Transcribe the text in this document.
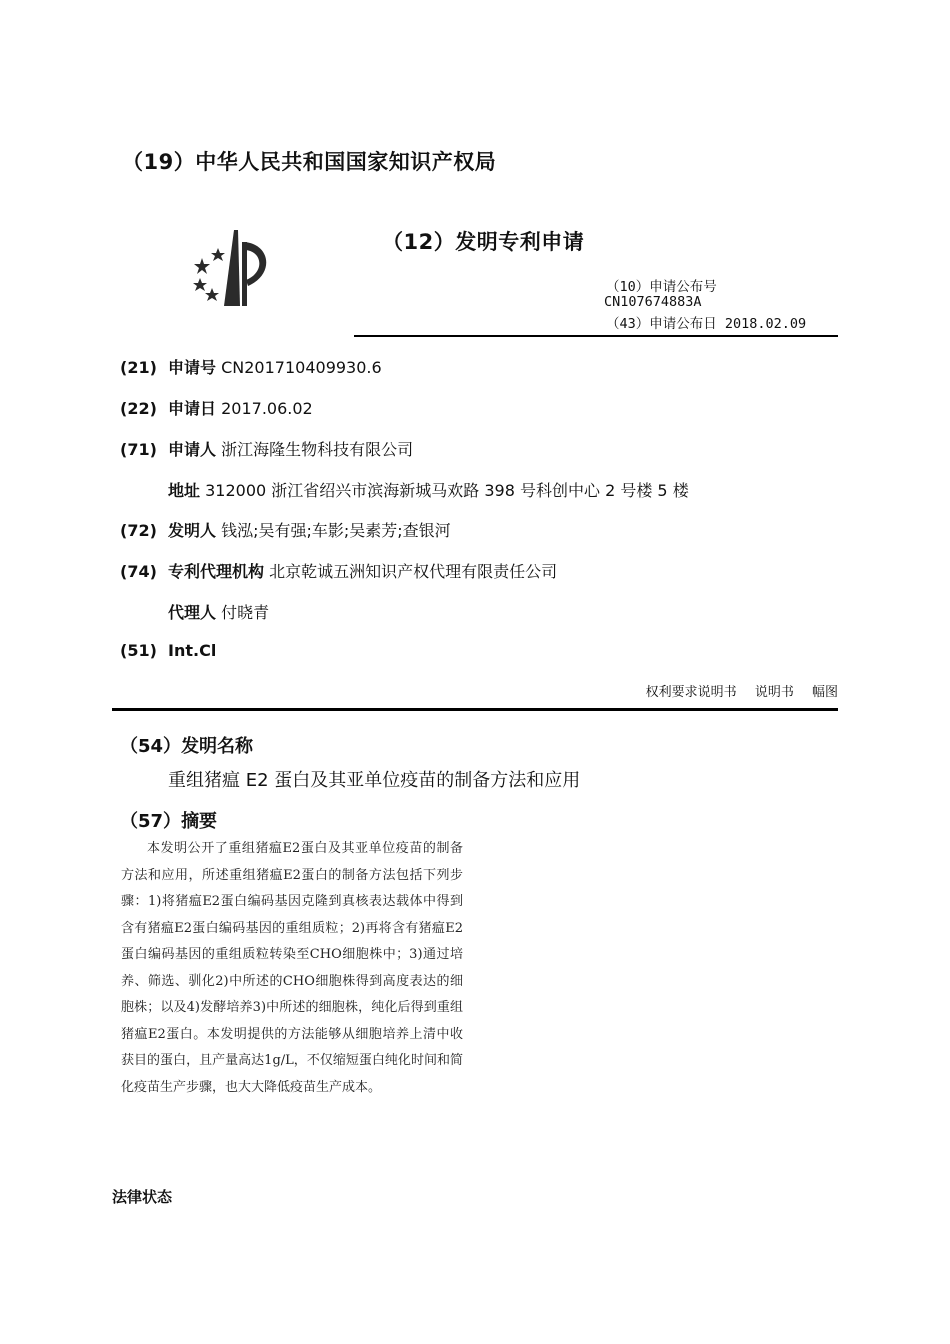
（19）中华人民共和国国家知识产权局
（12）发明专利申请
（10）申请公布号
CN107674883A
（43）申请公布日 2018.02.09
(21) 申请号 CN201710409930.6
(22) 申请日 2017.06.02
(71) 申请人 浙江海隆生物科技有限公司
地址 312000 浙江省绍兴市滨海新城马欢路 398 号科创中心 2 号楼 5 楼
(72) 发明人 钱泓;吴有强;车影;吴素芳;查银河
(74) 专利代理机构 北京乾诚五洲知识产权代理有限责任公司
代理人 付晓青
(51) Int.Cl
权利要求说明书 说明书 幅图
（54）发明名称
重组猪瘟 E2 蛋白及其亚单位疫苗的制备方法和应用
（57）摘要
本发明公开了重组猪瘟E2蛋白及其亚单位疫苗的制备方法和应用，所述重组猪瘟E2蛋白的制备方法包括下列步骤：1)将猪瘟E2蛋白编码基因克隆到真核表达载体中得到含有猪瘟E2蛋白编码基因的重组质粒；2)再将含有猪瘟E2蛋白编码基因的重组质粒转染至CHO细胞株中；3)通过培养、筛选、驯化2)中所述的CHO细胞株得到高度表达的细胞株；以及4)发酵培养3)中所述的细胞株，纯化后得到重组猪瘟E2蛋白。本发明提供的方法能够从细胞培养上清中收获目的蛋白，且产量高达1g/L，不仅缩短蛋白纯化时间和简化疫苗生产步骤，也大大降低疫苗生产成本。
法律状态
